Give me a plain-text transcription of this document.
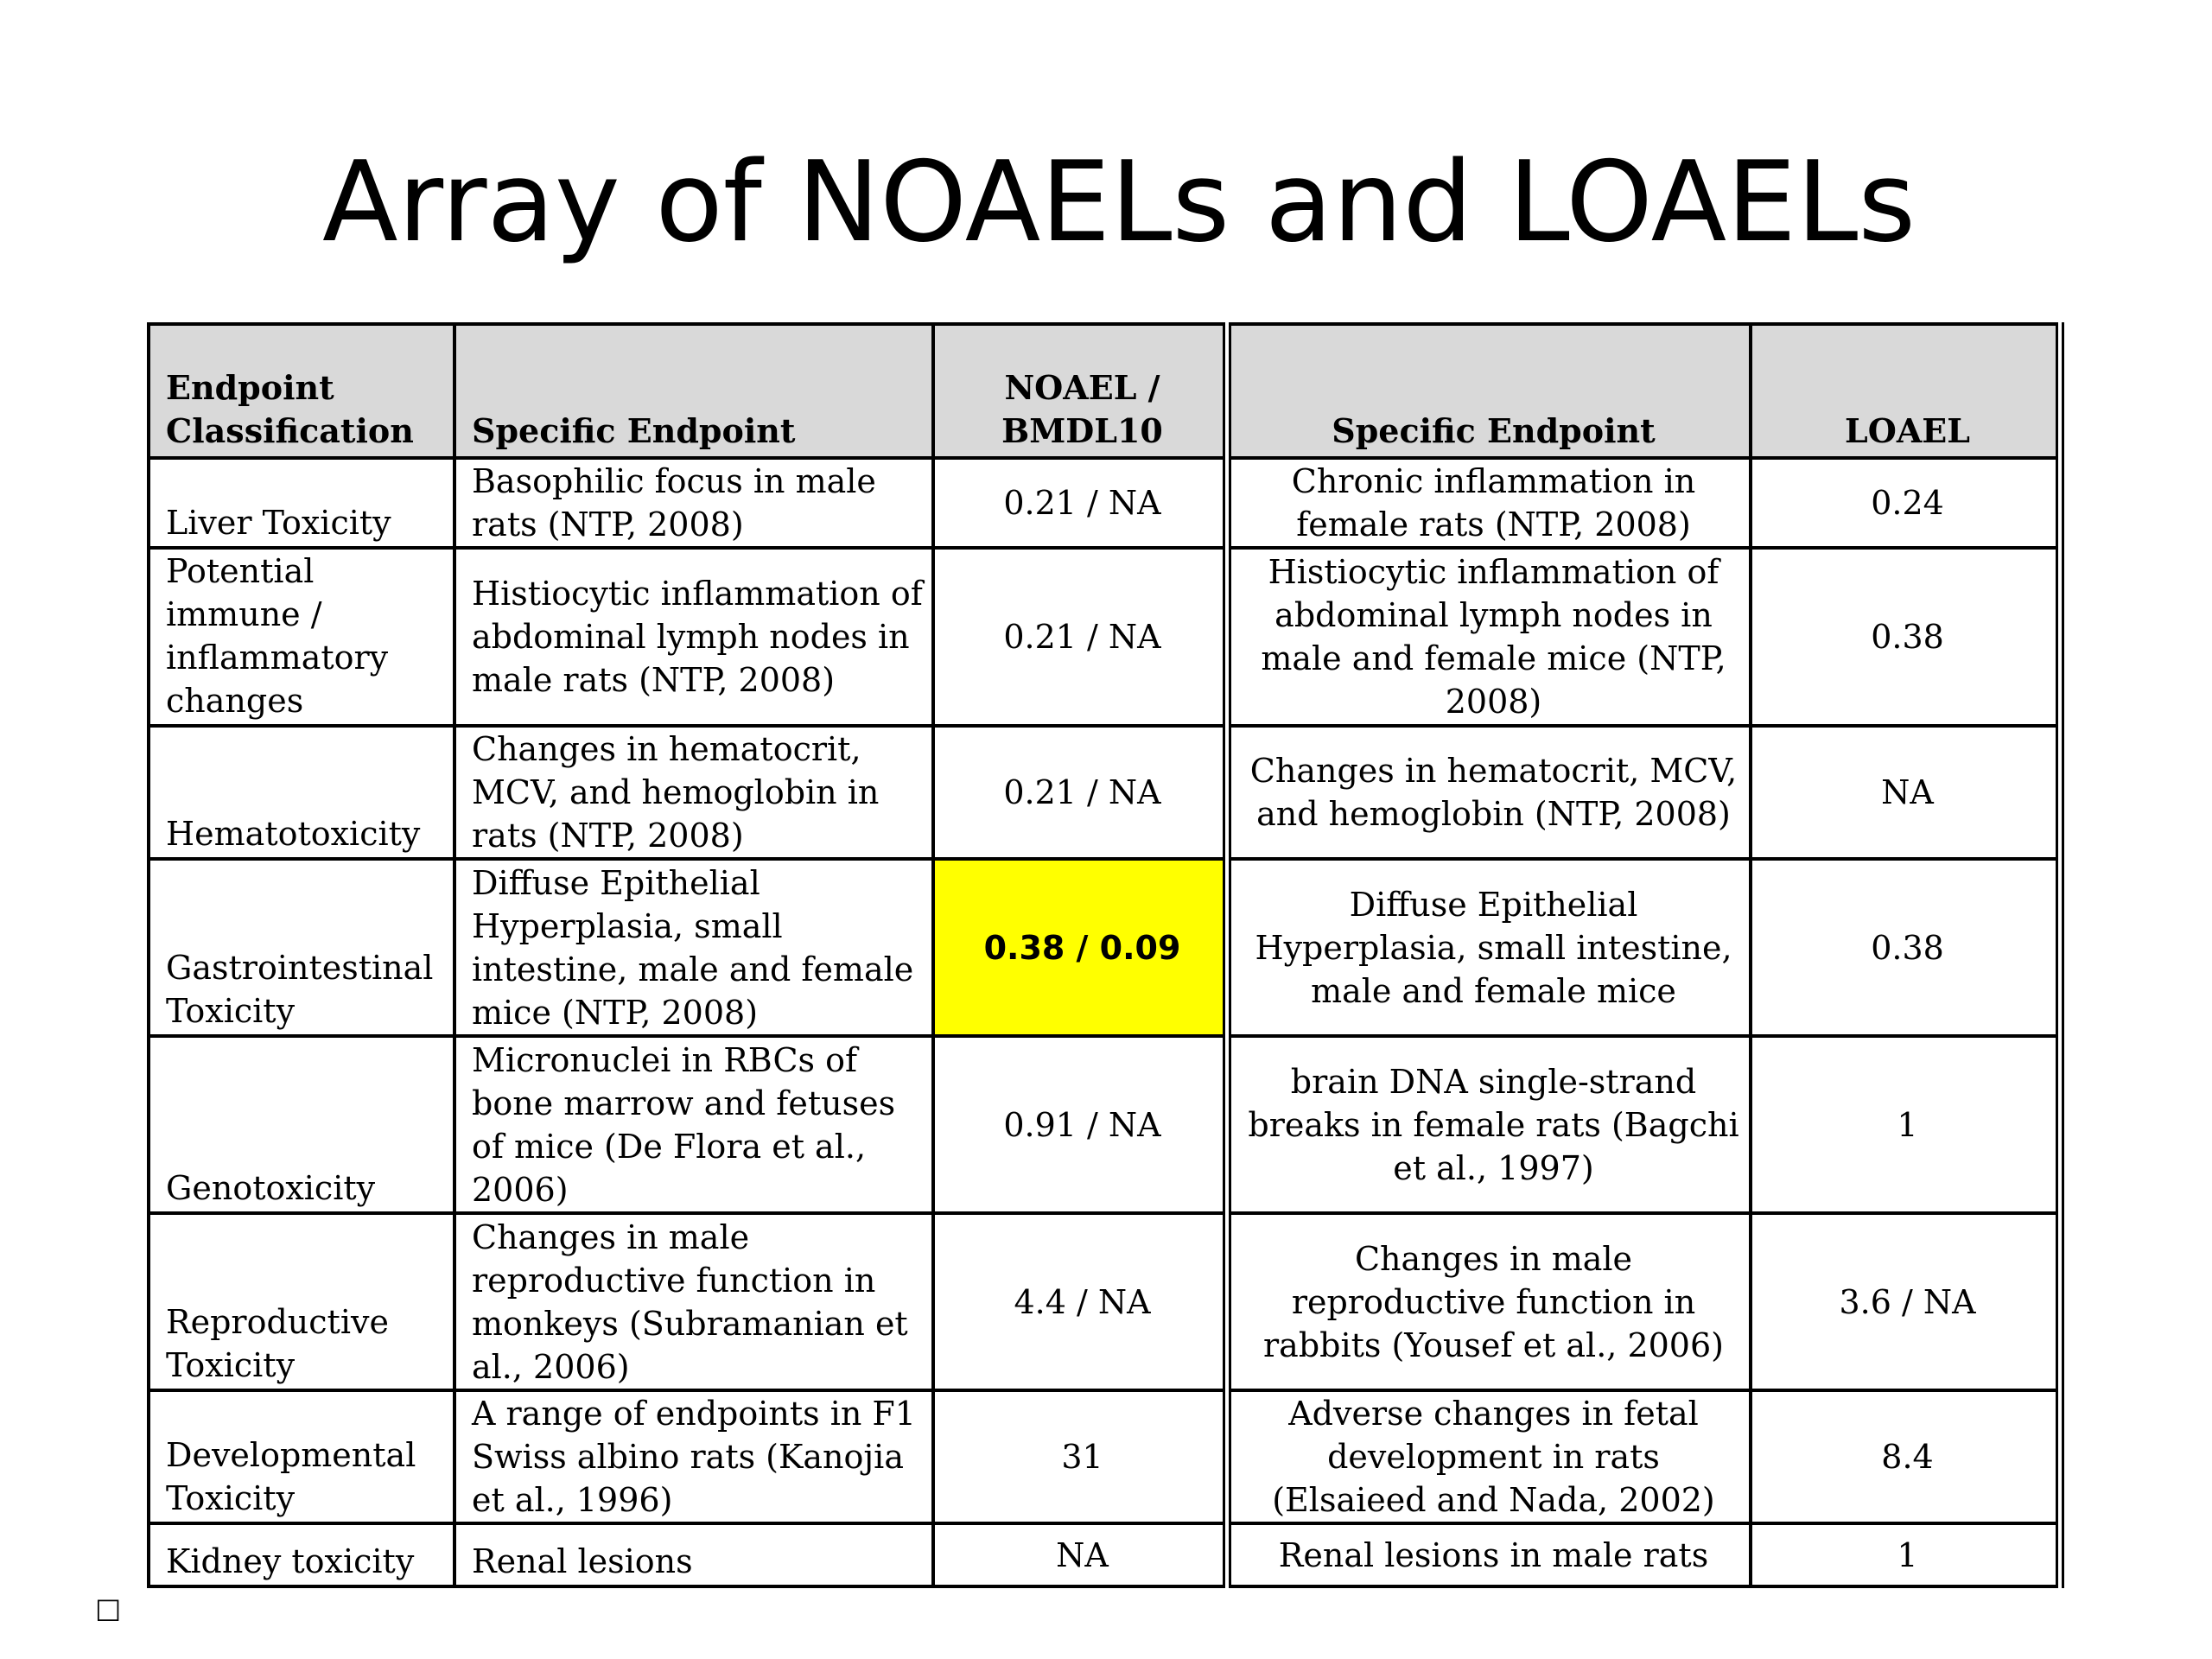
Array of NOAELs and LOAELs
Endpoint Classification	Specific Endpoint	NOAEL / BMDL10	Specific Endpoint	LOAEL
Liver Toxicity	Basophilic focus in male rats (NTP, 2008)	0.21 / NA	Chronic inflammation in female rats (NTP, 2008)	0.24
Potential immune / inflammatory changes	Histiocytic inflammation of abdominal lymph nodes in male rats (NTP, 2008)	0.21 / NA	Histiocytic inflammation of abdominal lymph nodes in male and female mice (NTP, 2008)	0.38
Hematotoxicity	Changes in hematocrit, MCV, and hemoglobin in rats (NTP, 2008)	0.21 / NA	Changes in hematocrit, MCV, and hemoglobin (NTP, 2008)	NA
Gastrointestinal Toxicity	Diffuse Epithelial Hyperplasia, small intestine, male and female mice (NTP, 2008)	0.38 / 0.09	Diffuse Epithelial Hyperplasia, small intestine, male and female mice	0.38
Genotoxicity	Micronuclei in RBCs of bone marrow and fetuses of mice (De Flora et al., 2006)	0.91 / NA	brain DNA single-strand breaks in female rats (Bagchi et al., 1997)	1
Reproductive Toxicity	Changes in male reproductive function in monkeys (Subramanian et al., 2006)	4.4 / NA	Changes in male reproductive function in rabbits (Yousef et al., 2006)	3.6 / NA
Developmental Toxicity	A range of endpoints in F1 Swiss albino rats (Kanojia et al., 1996)	31	Adverse changes in fetal development in rats (Elsaieed and Nada, 2002)	8.4
Kidney toxicity	Renal lesions	NA	Renal lesions in male rats	1
□
